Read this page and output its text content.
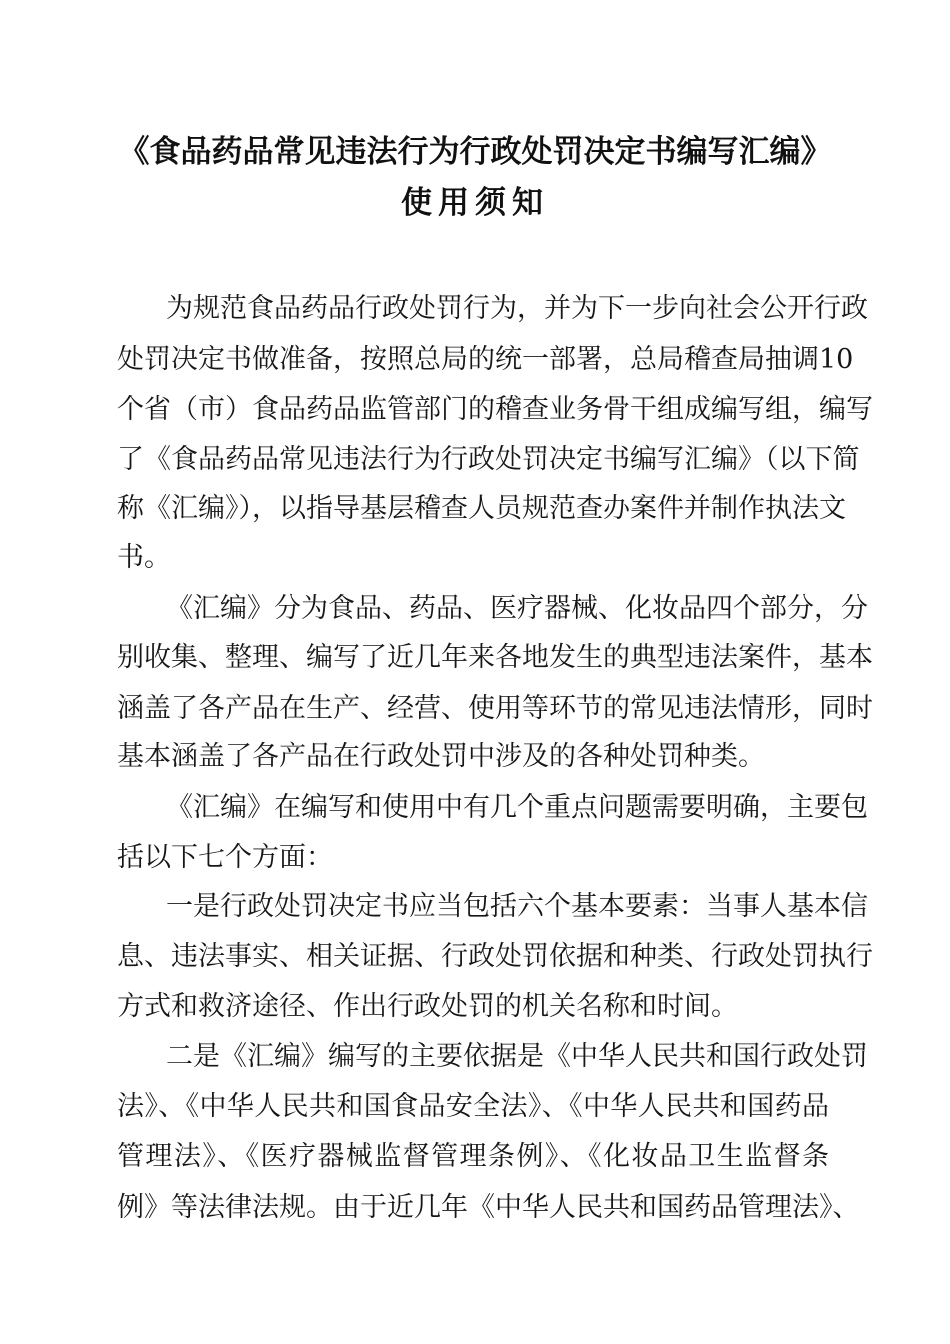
《食品药品常见违法行为行政处罚决定书编写汇编》
使用须知
为规范食品药品行政处罚行为，并为下一步向社会公开行政
处罚决定书做准备，按照总局的统一部署，总局稽查局抽调10
个省（市）食品药品监管部门的稽查业务骨干组成编写组，编写
了《食品药品常见违法行为行政处罚决定书编写汇编》（以下简
称《汇编》），以指导基层稽查人员规范查办案件并制作执法文
书。
《汇编》分为食品、药品、医疗器械、化妆品四个部分，分
别收集、整理、编写了近几年来各地发生的典型违法案件，基本
涵盖了各产品在生产、经营、使用等环节的常见违法情形，同时
基本涵盖了各产品在行政处罚中涉及的各种处罚种类。
《汇编》在编写和使用中有几个重点问题需要明确，主要包
括以下七个方面：
一是行政处罚决定书应当包括六个基本要素：当事人基本信
息、违法事实、相关证据、行政处罚依据和种类、行政处罚执行
方式和救济途径、作出行政处罚的机关名称和时间。
二是《汇编》编写的主要依据是《中华人民共和国行政处罚
法》、《中华人民共和国食品安全法》、《中华人民共和国药品
管理法》、《医疗器械监督管理条例》、《化妆品卫生监督条
例》等法律法规。由于近几年《中华人民共和国药品管理法》、
